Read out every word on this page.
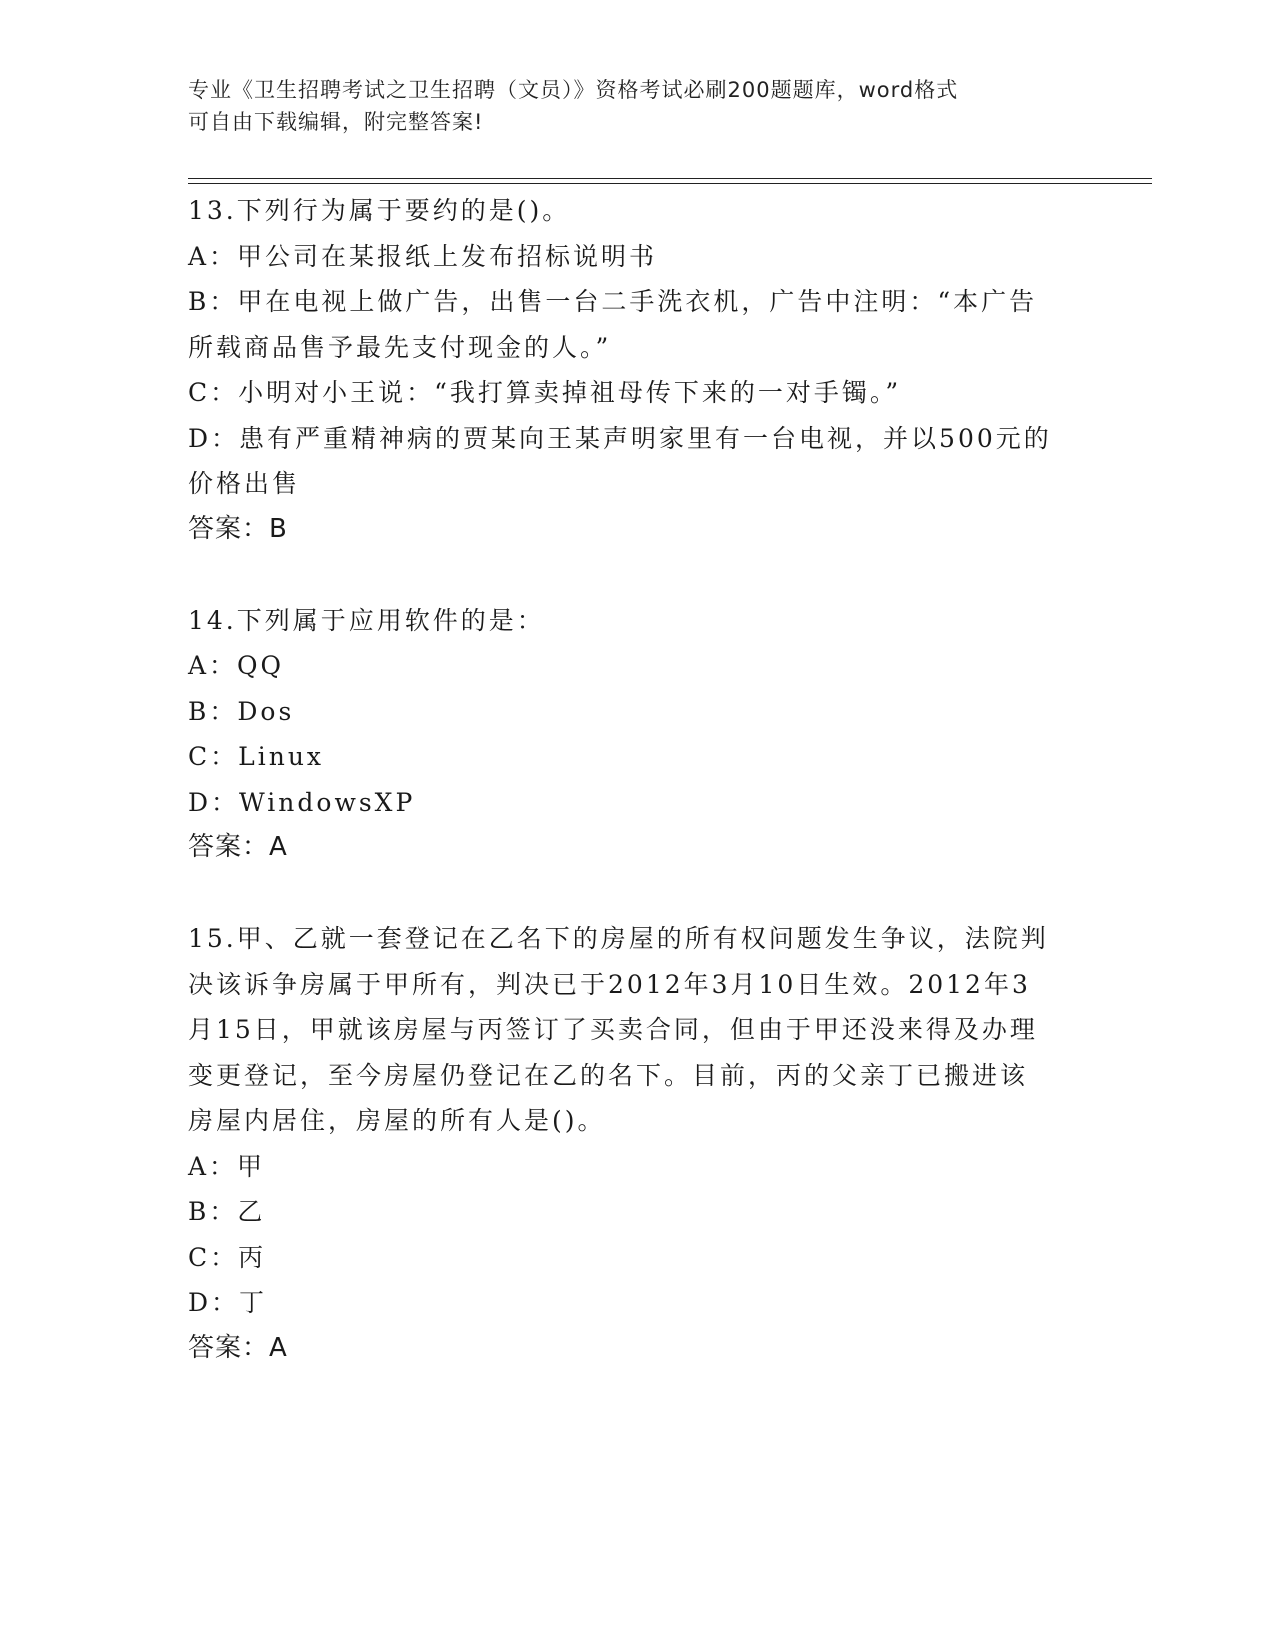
专业《卫生招聘考试之卫生招聘（文员）》资格考试必刷200题题库，word格式
可自由下载编辑，附完整答案!

13.下列行为属于要约的是()。

A：甲公司在某报纸上发布招标说明书

B：甲在电视上做广告，出售一台二手洗衣机，广告中注明：“本广告

所载商品售予最先支付现金的人。”

C：小明对小王说：“我打算卖掉祖母传下来的一对手镯。”

D：患有严重精神病的贾某向王某声明家里有一台电视，并以500元的

价格出售

答案：B

14.下列属于应用软件的是：

A：QQ

B：Dos

C：Linux

D：WindowsXP

答案：A

15.甲、乙就一套登记在乙名下的房屋的所有权问题发生争议，法院判

决该诉争房属于甲所有，判决已于2012年3月10日生效。2012年3

月15日，甲就该房屋与丙签订了买卖合同，但由于甲还没来得及办理

变更登记，至今房屋仍登记在乙的名下。目前，丙的父亲丁已搬进该

房屋内居住，房屋的所有人是()。

A：甲

B：乙

C：丙

D：丁

答案：A
